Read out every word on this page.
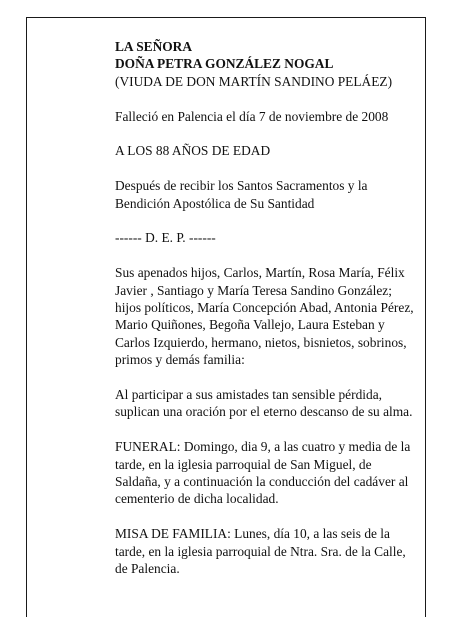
LA SEÑORA
DOÑA PETRA GONZÁLEZ NOGAL
(VIUDA DE DON MARTÍN SANDINO PELÁEZ)

Falleció en Palencia el día 7 de noviembre de 2008

A LOS 88 AÑOS DE EDAD

Después de recibir los Santos Sacramentos y la
Bendición Apostólica de Su Santidad

------ D. E. P. ------

Sus apenados hijos, Carlos, Martín, Rosa María, Félix
Javier , Santiago y María Teresa Sandino González;
hijos políticos, María Concepción Abad, Antonia Pérez,
Mario Quiñones, Begoña Vallejo, Laura Esteban y
Carlos Izquierdo, hermano, nietos, bisnietos, sobrinos,
primos y demás familia:

Al participar a sus amistades tan sensible pérdida,
suplican una oración por el eterno descanso de su alma.

FUNERAL: Domingo, dia 9, a las cuatro y media de la
tarde, en la iglesia parroquial de San Miguel, de
Saldaña, y a continuación la conducción del cadáver al
cementerio de dicha localidad.

MISA DE FAMILIA: Lunes, día 10, a las seis de la
tarde, en la iglesia parroquial de Ntra. Sra. de la Calle,
de Palencia.
